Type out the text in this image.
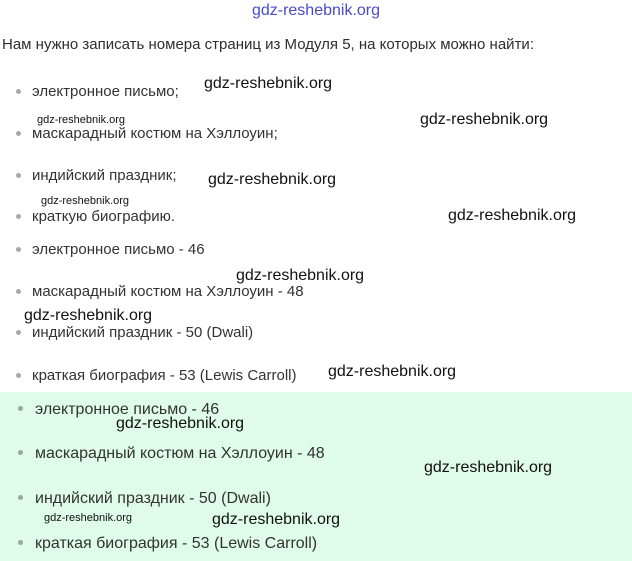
gdz-reshebnik.org
Нам нужно записать номера страниц из Модуля 5, на которых можно найти:
электронное письмо;
маскарадный костюм на Хэллоуин;
индийский праздник;
краткую биографию.
электронное письмо - 46
маскарадный костюм на Хэллоуин - 48
индийский праздник - 50 (Dwali)
краткая биография - 53 (Lewis Carroll)
электронное письмо - 46
маскарадный костюм на Хэллоуин - 48
индийский праздник - 50 (Dwali)
краткая биография - 53 (Lewis Carroll)
gdz-reshebnik.org
gdz-reshebnik.org	gdz-reshebnik.org
gdz-reshebnik.org
gdz-reshebnik.org
gdz-reshebnik.org
gdz-reshebnik.org
gdz-reshebnik.org
gdz-reshebnik.org
gdz-reshebnik.org
gdz-reshebnik.org
gdz-reshebnik.org	gdz-reshebnik.org
